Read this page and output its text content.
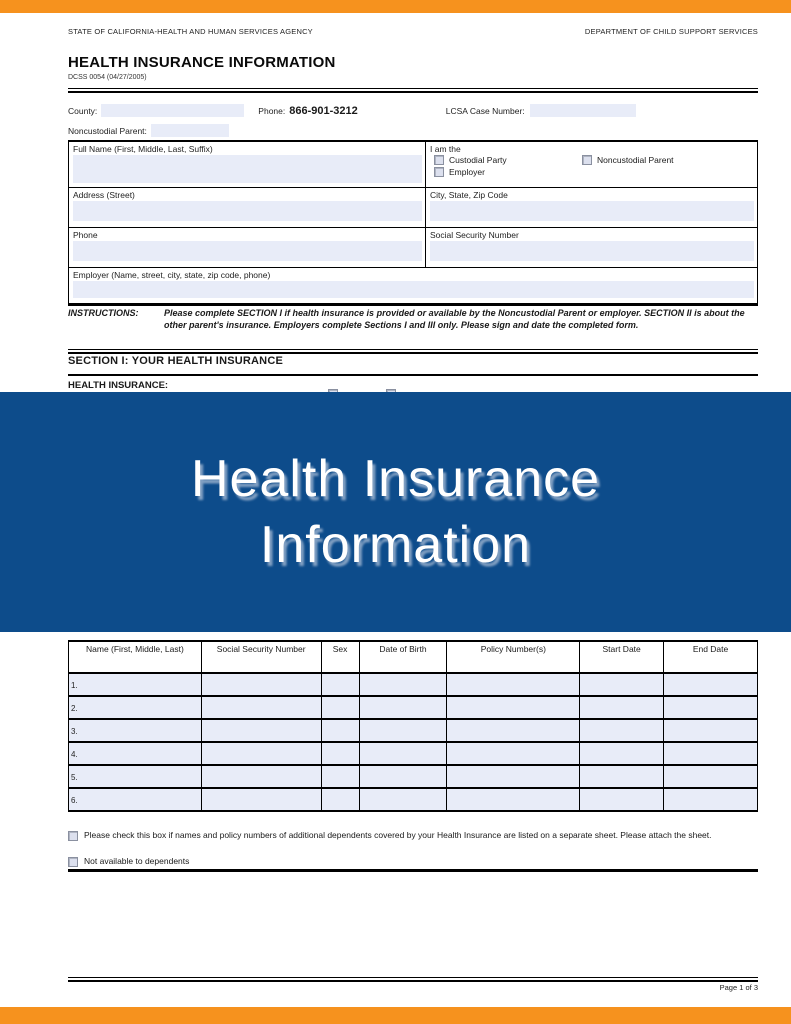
STATE OF CALIFORNIA-HEALTH AND HUMAN SERVICES AGENCY	DEPARTMENT OF CHILD SUPPORT SERVICES
HEALTH INSURANCE INFORMATION
DCSS 0054 (04/27/2005)
County:	Phone: 866-901-3212	LCSA Case Number:
Noncustodial Parent:
Full Name (First, Middle, Last, Suffix)	I am the
Custodial Party Noncustodial Parent
Employer

Address (Street)	City, State, Zip Code

Phone	Social Security Number

Employer (Name, street, city, state, zip code, phone)	
INSTRUCTIONS:	Please complete SECTION I if health insurance is provided or available by the Noncustodial Parent or employer. SECTION II is about the other parent's insurance. Employers complete Sections I and III only. Please sign and date the completed form.
SECTION I: YOUR HEALTH INSURANCE
HEALTH INSURANCE:
Name (First, Middle, Last)	Social Security Number	Sex	Date of Birth	Policy Number(s)	Start Date	End Date
1.						
2.						
3.						
4.						
5.						
6.						
Please check this box if names and policy numbers of additional dependents covered by your Health Insurance are listed on a separate sheet. Please attach the sheet.
Not available to dependents
Page 1 of 3
Health Insurance
Information
